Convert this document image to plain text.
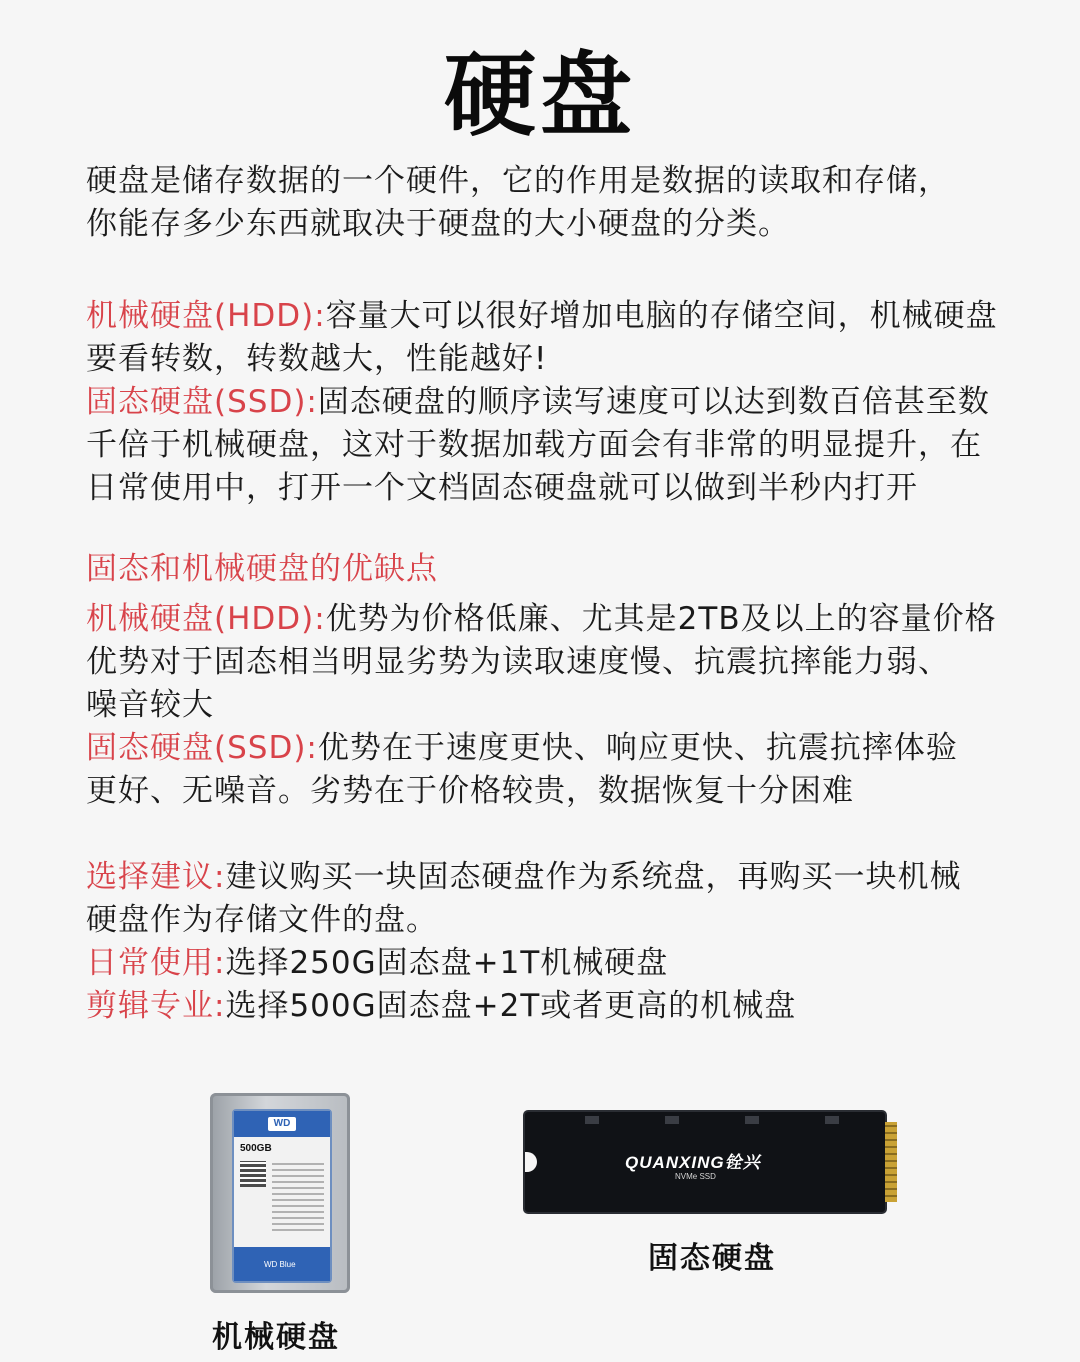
硬盘
硬盘是储存数据的一个硬件，它的作用是数据的读取和存储，
你能存多少东西就取决于硬盘的大小硬盘的分类。
机械硬盘(HDD):容量大可以很好增加电脑的存储空间，机械硬盘
要看转数，转数越大，性能越好!
固态硬盘(SSD):固态硬盘的顺序读写速度可以达到数百倍甚至数
千倍于机械硬盘，这对于数据加载方面会有非常的明显提升，在
日常使用中，打开一个文档固态硬盘就可以做到半秒内打开
固态和机械硬盘的优缺点
机械硬盘(HDD):优势为价格低廉、尤其是2TB及以上的容量价格
优势对于固态相当明显劣势为读取速度慢、抗震抗摔能力弱、
噪音较大
固态硬盘(SSD):优势在于速度更快、响应更快、抗震抗摔体验
更好、无噪音。劣势在于价格较贵，数据恢复十分困难
选择建议:建议购买一块固态硬盘作为系统盘，再购买一块机械
硬盘作为存储文件的盘。
日常使用:选择250G固态盘+1T机械硬盘
剪辑专业:选择500G固态盘+2T或者更高的机械盘
WD
500GB
WD Blue
机械硬盘
QUANXING铨兴
NVMe SSD
固态硬盘
